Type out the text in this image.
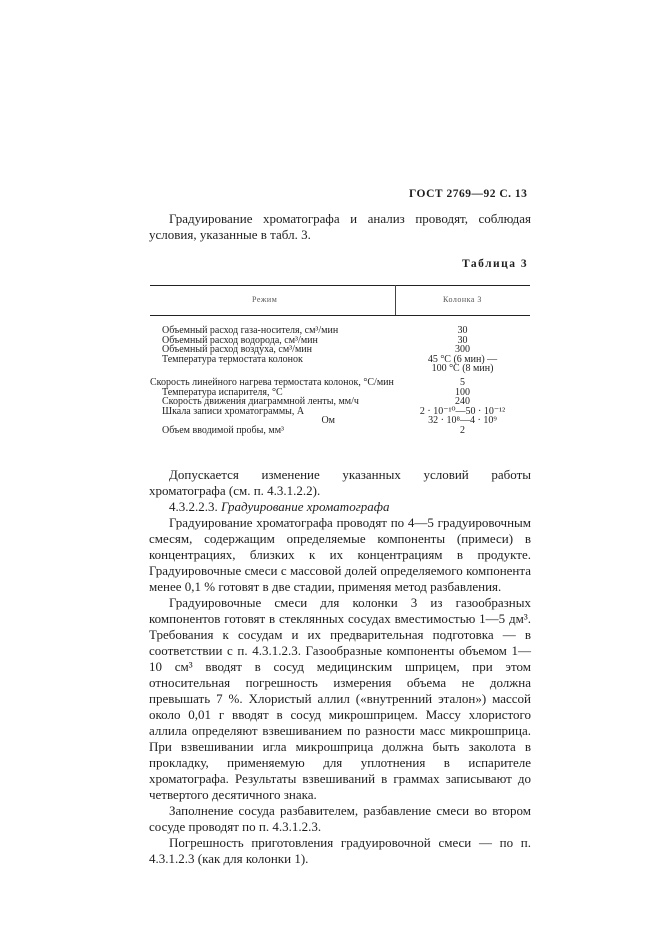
ГОСТ 2769—92 С. 13
Градуирование хроматографа и анализ проводят, соблюдая условия, указанные в табл. 3.
Таблица 3
Режим	Колонка 3
Объемный расход газа-носителя, см³/мин	30
Объемный расход водорода, см³/мин	30
Объемный расход воздуха, см³/мин	300
Температура термостата колонок	45 °С (6 мин) —
100 °С (8 мин)
Скорость линейного нагрева термостата колонок, °С/мин	5
Температура испарителя, °С	100
Скорость движения диаграммной ленты, мм/ч	240
Шкала записи хроматограммы, А	2 · 10⁻¹⁰—50 · 10⁻¹²
Ом	32 · 10⁸—4 · 10⁹
Объем вводимой пробы, мм³	2

Допускается изменение указанных условий работы хроматографа (см. п. 4.3.1.2.2).

4.3.2.2.3. Градуирование хроматографа

Градуирование хроматографа проводят по 4—5 градуировочным смесям, содержащим определяемые компоненты (примеси) в концентрациях, близких к их концентрациям в продукте. Градуировочные смеси с массовой долей определяемого компонента менее 0,1 % готовят в две стадии, применяя метод разбавления.

Градуировочные смеси для колонки 3 из газообразных компонентов готовят в стеклянных сосудах вместимостью 1—5 дм³. Требования к сосудам и их предварительная подготовка — в соответствии с п. 4.3.1.2.3. Газообразные компоненты объемом 1—10 см³ вводят в сосуд медицинским шприцем, при этом относительная погрешность измерения объема не должна превышать 7 %. Хлористый аллил («внутренний эталон») массой около 0,01 г вводят в сосуд микрошприцем. Массу хлористого аллила определяют взвешиванием по разности масс микрошприца. При взвешивании игла микрошприца должна быть заколота в прокладку, применяемую для уплотнения в испарителе хроматографа. Результаты взвешиваний в граммах записывают до четвертого десятичного знака.

Заполнение сосуда разбавителем, разбавление смеси во втором сосуде проводят по п. 4.3.1.2.3.

Погрешность приготовления градуировочной смеси — по п. 4.3.1.2.3 (как для колонки 1).
